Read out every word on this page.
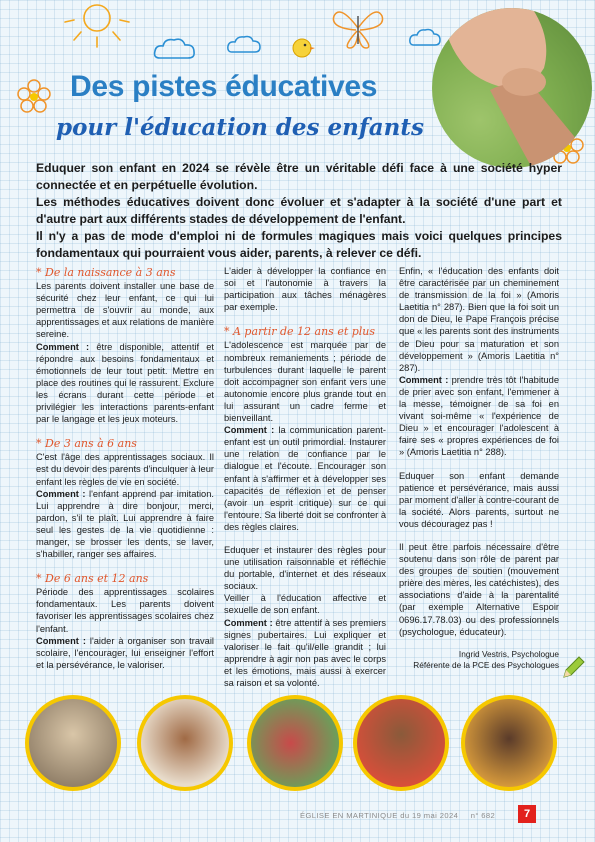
Des pistes éducatives
pour l'éducation des enfants

Eduquer son enfant en 2024 se révèle être un véritable défi face à une société hyper connectée et en perpétuelle évolution.

Les méthodes éducatives doivent donc évoluer et s'adapter à la société d'une part et d'autre part aux différents stades de développement de l'enfant.

Il n'y a pas de mode d'emploi ni de formules magiques mais voici quelques principes fondamentaux qui pourraient vous aider, parents, à relever ce défi.

* De la naissance à 3 ans

Les parents doivent installer une base de sécurité chez leur enfant, ce qui lui permettra de s'ouvrir au monde, aux apprentissages et aux relations de manière sereine.

Comment : être disponible, attentif et répondre aux besoins fondamentaux et émotionnels de leur tout petit. Mettre en place des routines qui le rassurent. Exclure les écrans durant cette période et privilégier les interactions parents-enfant par le langage et les jeux moteurs.

* De 3 ans à 6 ans

C'est l'âge des apprentissages sociaux. Il est du devoir des parents d'inculquer à leur enfant les règles de vie en société.

Comment : l'enfant apprend par imitation. Lui apprendre à dire bonjour, merci, pardon, s'il te plaît. Lui apprendre à faire seul les gestes de la vie quotidienne : manger, se brosser les dents, se laver, s'habiller, ranger ses affaires.

* De 6 ans et 12 ans

Période des apprentissages scolaires fondamentaux. Les parents doivent favoriser les apprentissages scolaires chez l'enfant.

Comment : l'aider à organiser son travail scolaire, l'encourager, lui enseigner l'effort et la persévérance, le valoriser.

L'aider à développer la confiance en soi et l'autonomie à travers la participation aux tâches ménagères par exemple.

* A partir de 12 ans et plus

L'adolescence est marquée par de nombreux remaniements ; période de turbulences durant laquelle le parent doit accompagner son enfant vers une autonomie encore plus grande tout en lui assurant un cadre ferme et bienveillant.

Comment : la communication parent-enfant est un outil primordial. Instaurer une relation de confiance par le dialogue et l'écoute. Encourager son enfant à s'affirmer et à développer ses capacités de réflexion et de penser (avoir un esprit critique) sur ce qui l'entoure. Sa liberté doit se confronter à des règles claires.

Eduquer et instaurer des règles pour une utilisation raisonnable et réfléchie du portable, d'internet et des réseaux sociaux.

Veiller à l'éducation affective et sexuelle de son enfant.

Comment : être attentif à ses premiers signes pubertaires. Lui expliquer et valoriser le fait qu'il/elle grandit ; lui apprendre à agir non pas avec le corps et les émotions, mais aussi à exercer sa raison et sa volonté.

Enfin, « l'éducation des enfants doit être caractérisée par un cheminement de transmission de la foi » (Amoris Laetitia n° 287). Bien que la foi soit un don de Dieu, le Pape François précise que « les parents sont des instruments de Dieu pour sa maturation et son développement » (Amoris Laetitia n° 287).

Comment : prendre très tôt l'habitude de prier avec son enfant, l'emmener à la messe, témoigner de sa foi en vivant soi-même « l'expérience de Dieu » et encourager l'adolescent à faire ses « propres expériences de foi » (Amoris Laetitia n° 288).

Eduquer son enfant demande patience et persévérance, mais aussi par moment d'aller à contre-courant de la société. Alors parents, surtout ne vous découragez pas !

Il peut être parfois nécessaire d'être soutenu dans son rôle de parent par des groupes de soutien (mouvement prière des mères, les catéchistes), des associations d'aide à la parentalité (par exemple Alternative Espoir 0696.17.78.03) ou des professionnels (psychologue, éducateur).

Ingrid Vestris, Psychologue

Référente de la PCE des Psychologues

ÉGLISE EN MARTINIQUE du 19 mai 2024 n° 682	7
